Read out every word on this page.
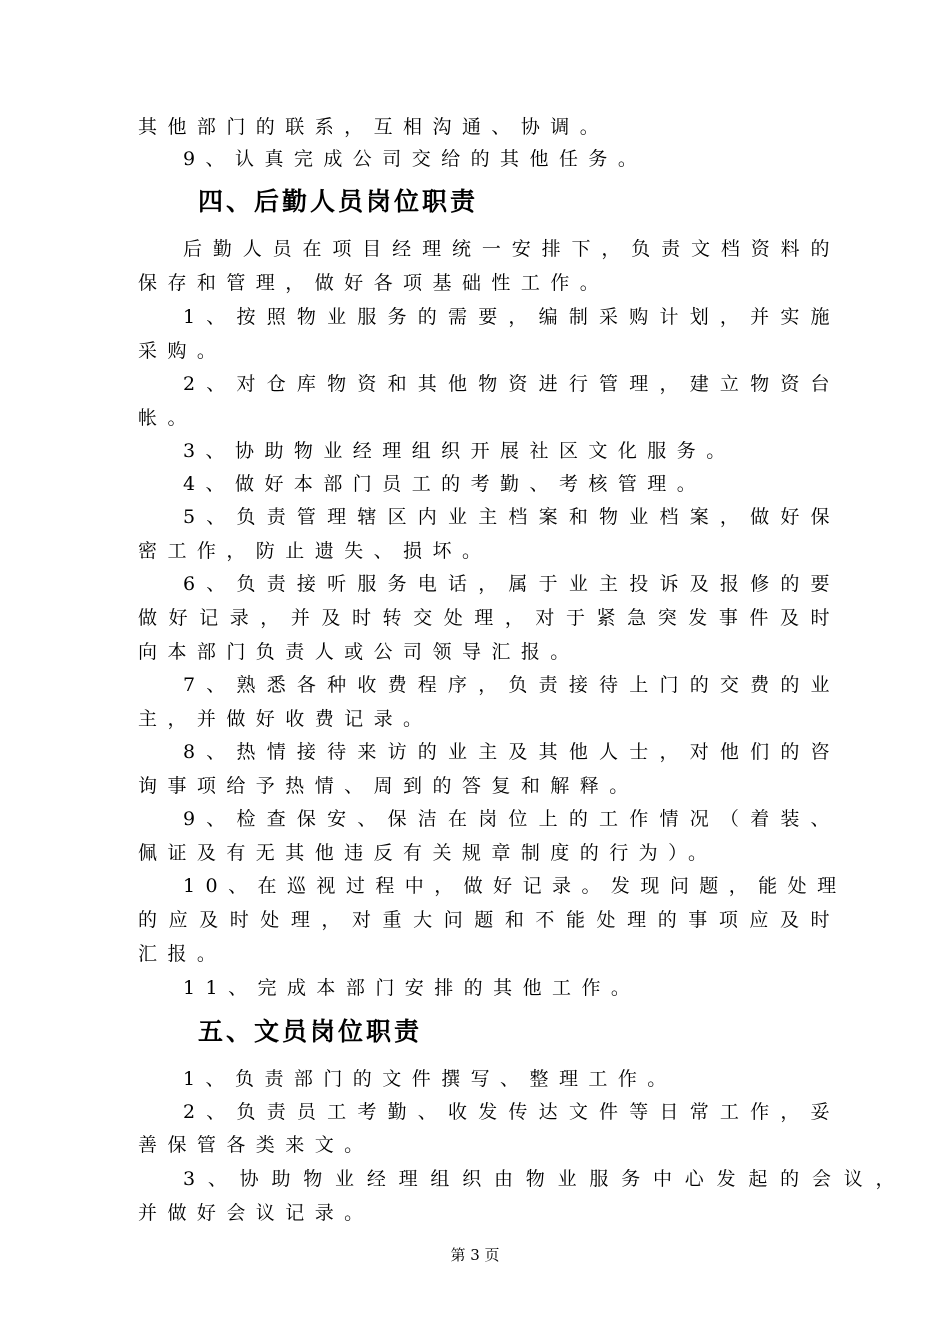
其他部门的联系，互相沟通、协调。
9、认真完成公司交给的其他任务。
四、后勤人员岗位职责
后勤人员在项目经理统一安排下，负责文档资料的
保存和管理，做好各项基础性工作。
1、按照物业服务的需要，编制采购计划，并实施
采购。
2、对仓库物资和其他物资进行管理，建立物资台
帐。
3、协助物业经理组织开展社区文化服务。
4、做好本部门员工的考勤、考核管理。
5、负责管理辖区内业主档案和物业档案，做好保
密工作，防止遗失、损坏。
6、负责接听服务电话，属于业主投诉及报修的要
做好记录，并及时转交处理，对于紧急突发事件及时
向本部门负责人或公司领导汇报。
7、熟悉各种收费程序，负责接待上门的交费的业
主，并做好收费记录。
8、热情接待来访的业主及其他人士，对他们的咨
询事项给予热情、周到的答复和解释。
9、检查保安、保洁在岗位上的工作情况（着装、
佩证及有无其他违反有关规章制度的行为）。
10、在巡视过程中，做好记录。发现问题，能处理
的应及时处理，对重大问题和不能处理的事项应及时
汇报。
11、完成本部门安排的其他工作。
五、文员岗位职责
1、负责部门的文件撰写、整理工作。
2、负责员工考勤、收发传达文件等日常工作，妥
善保管各类来文。
3、协助物业经理组织由物业服务中心发起的会议，
并做好会议记录。
第 3 页
